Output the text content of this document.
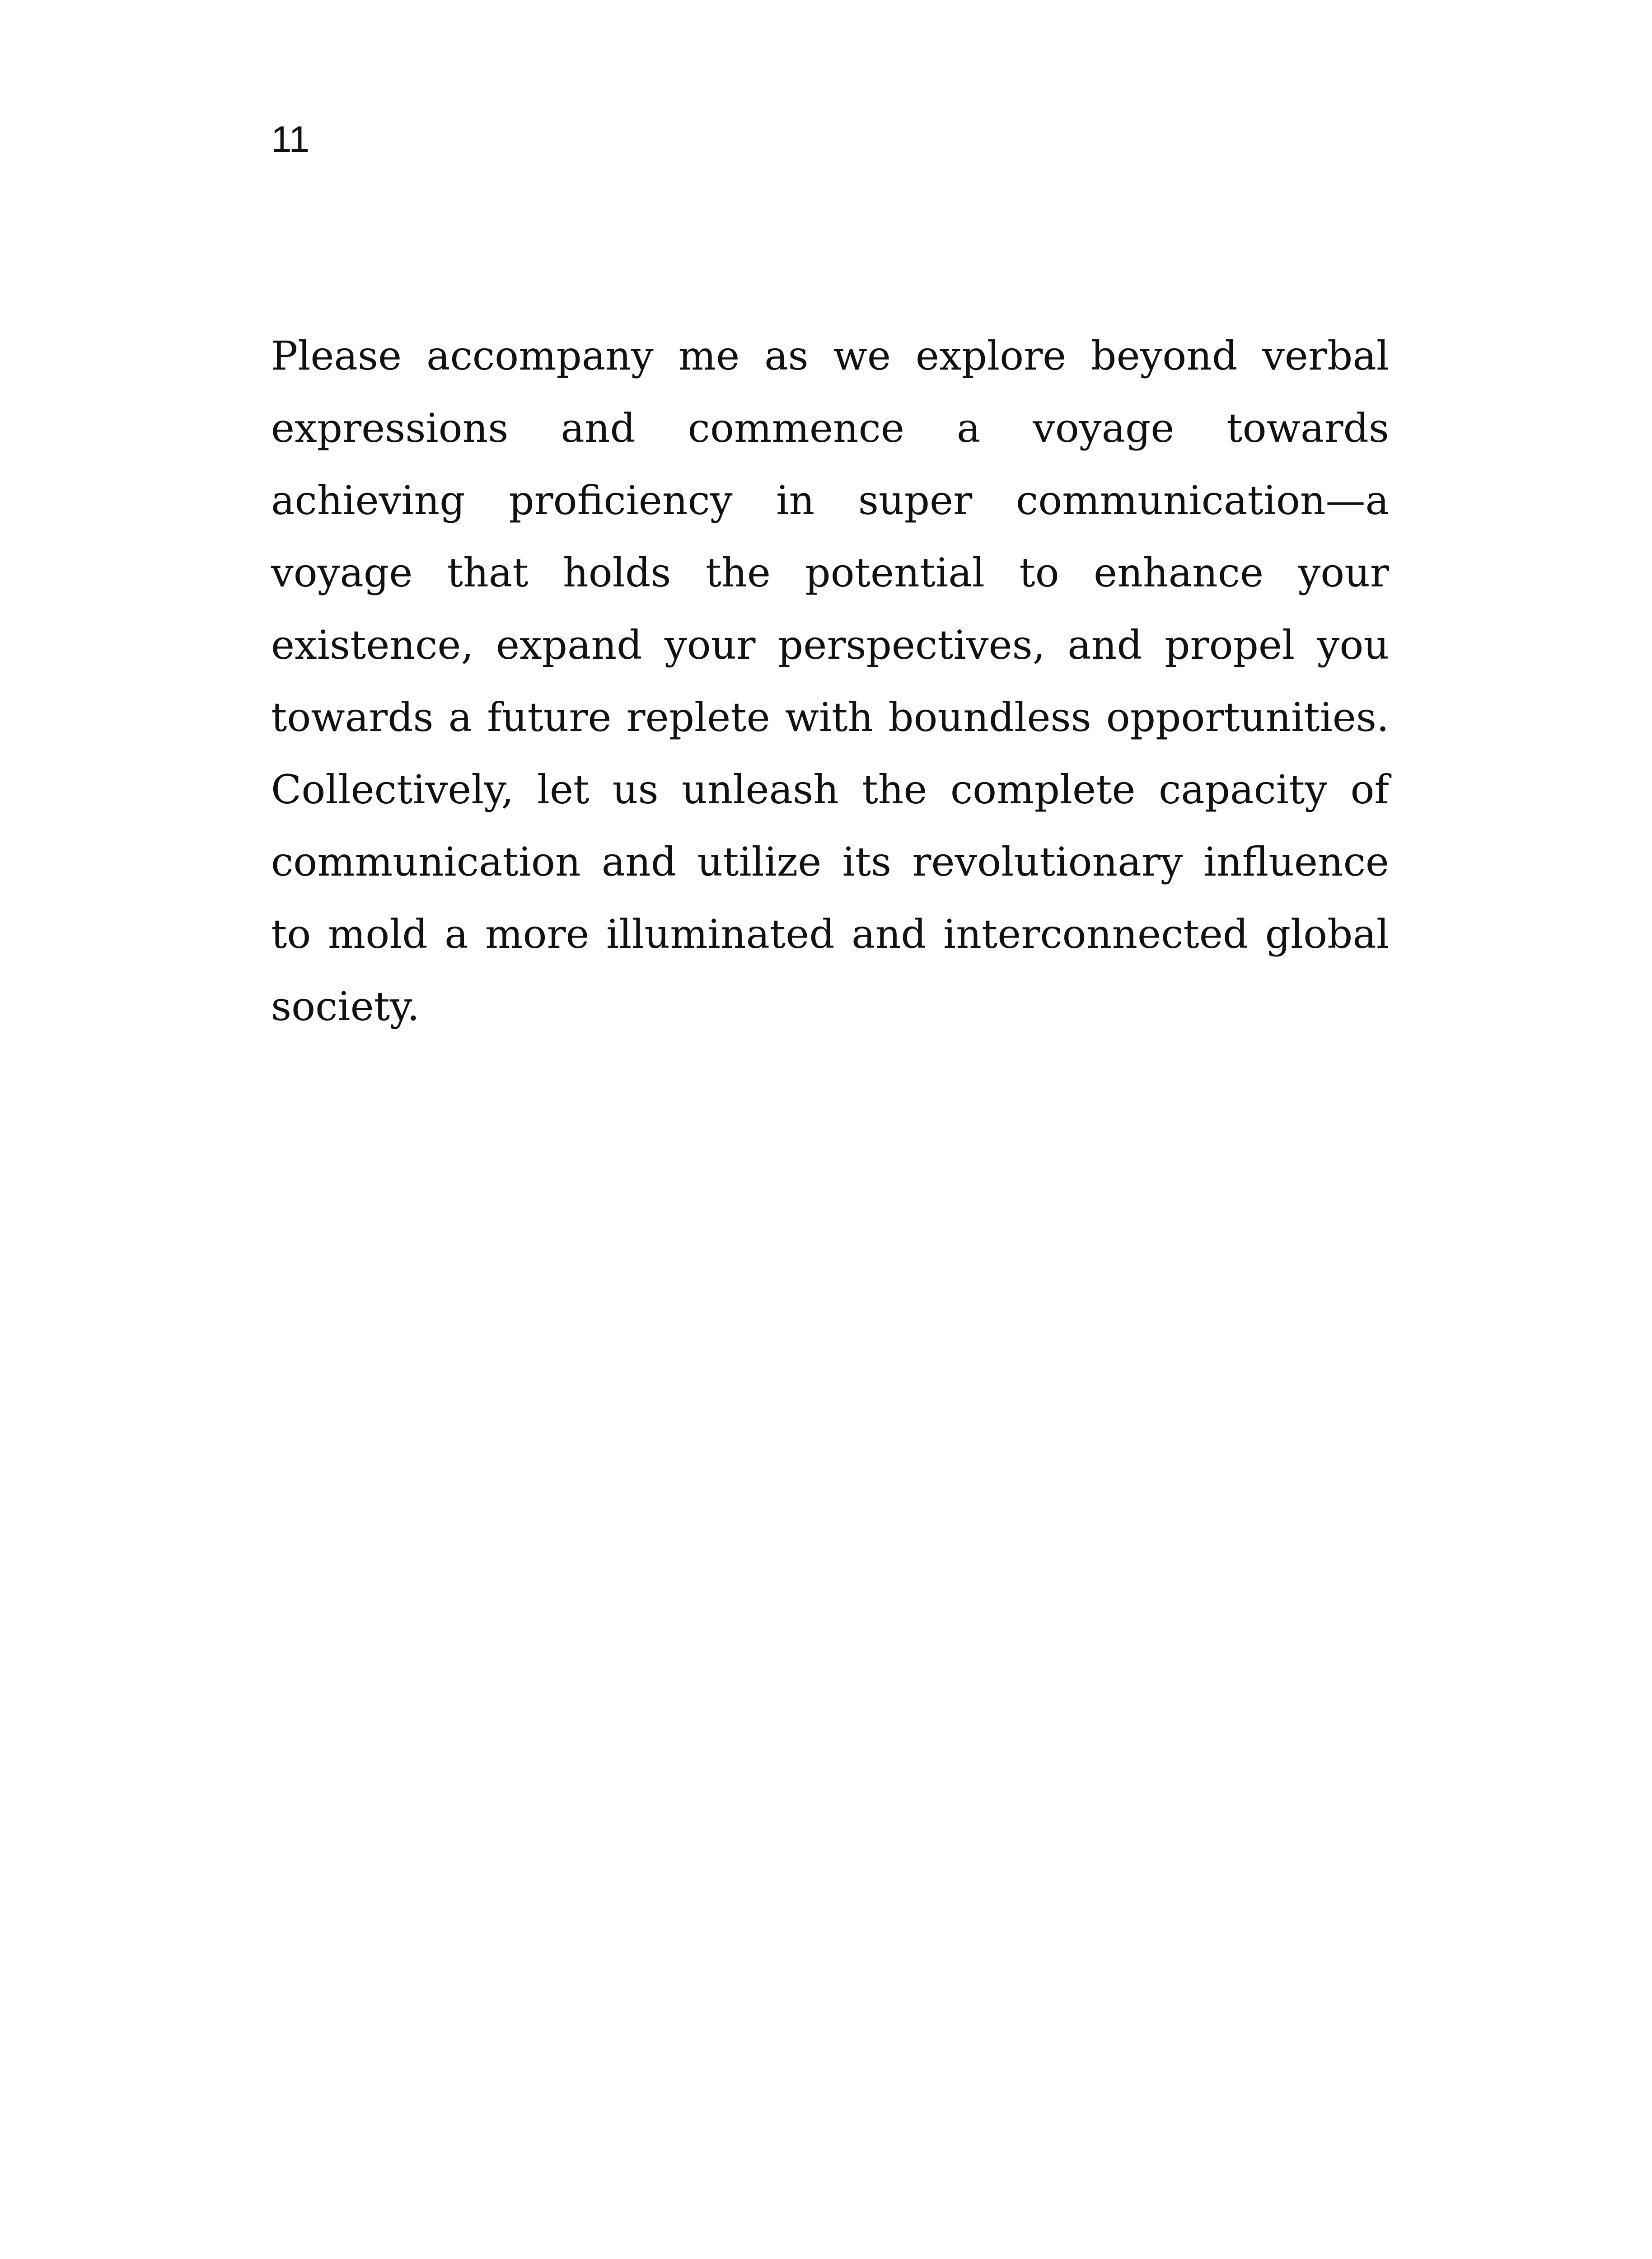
11

Please accompany me as we explore beyond verbal expressions and commence a voyage towards achieving proficiency in super communication—a voyage that holds the potential to enhance your existence, expand your perspectives, and propel you towards a future replete with boundless opportunities. Collectively, let us unleash the complete capacity of communication and utilize its revolutionary influence to mold a more illuminated and interconnected global society.
